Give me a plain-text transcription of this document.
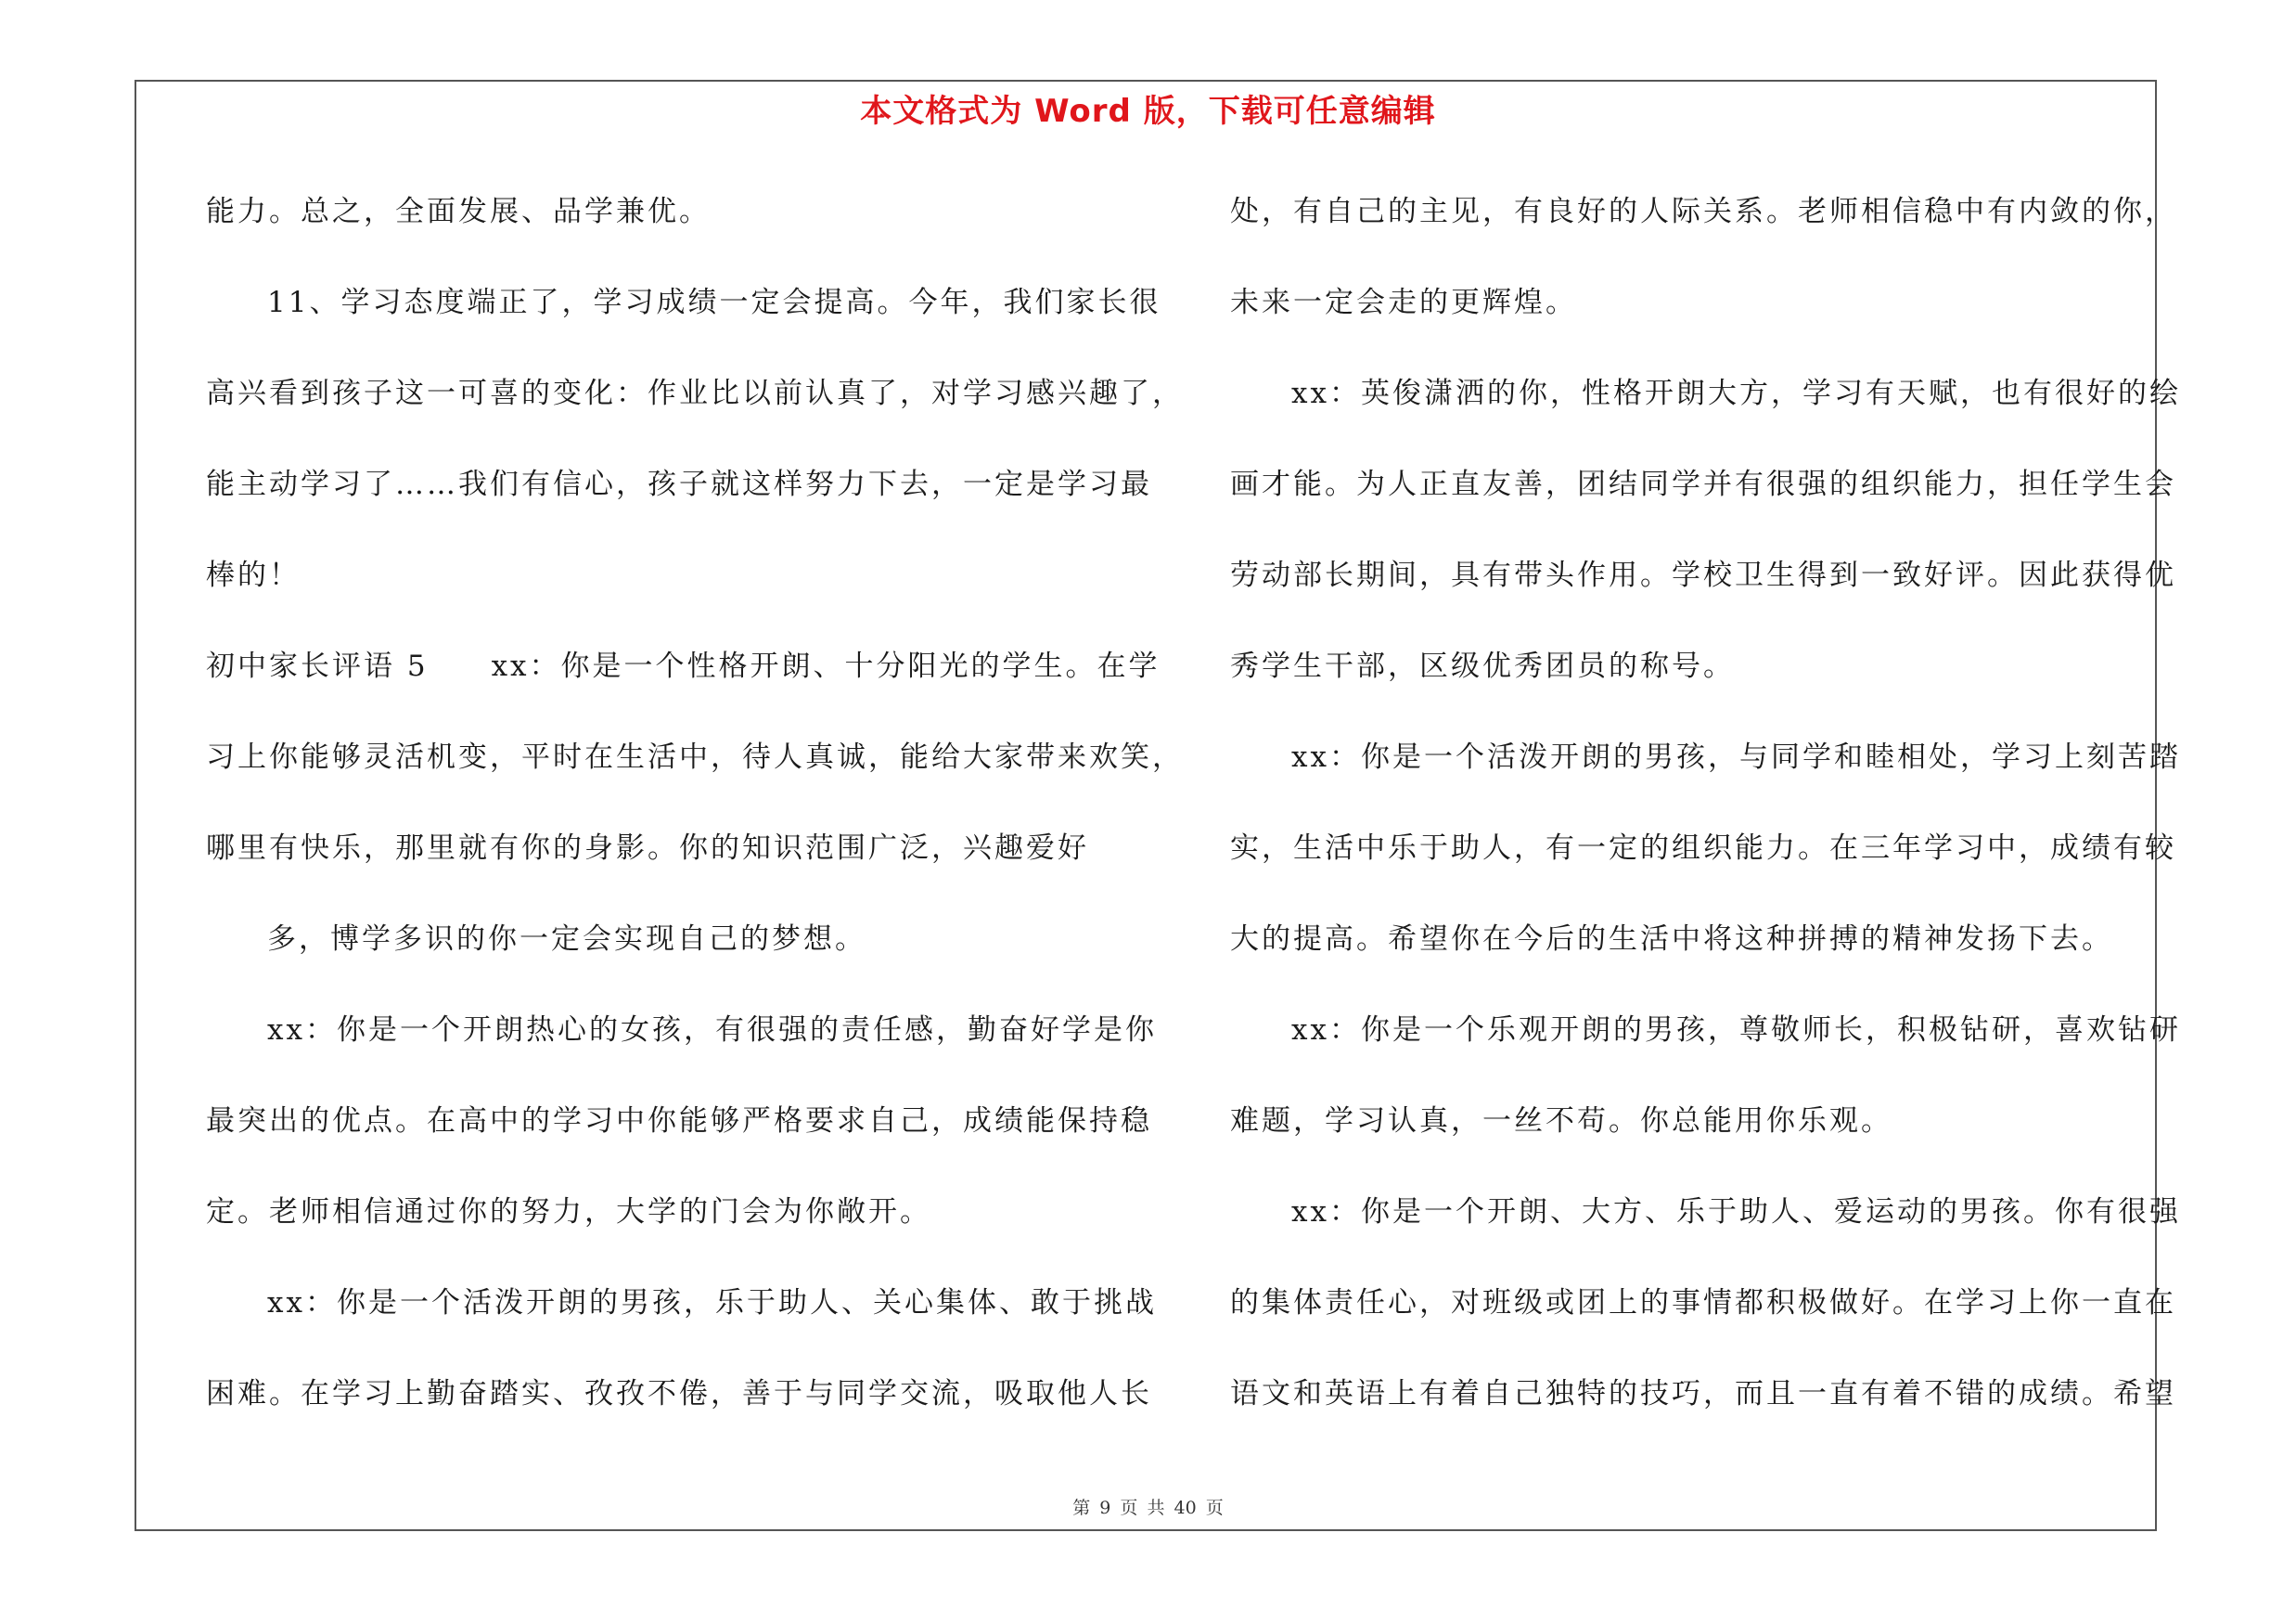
本文格式为 Word 版，下载可任意编辑
能力。总之，全面发展、品学兼优。
11、学习态度端正了，学习成绩一定会提高。今年，我们家长很
高兴看到孩子这一可喜的变化：作业比以前认真了，对学习感兴趣了，
能主动学习了……我们有信心，孩子就这样努力下去，一定是学习最
棒的！
初中家长评语 5　　xx：你是一个性格开朗、十分阳光的学生。在学
习上你能够灵活机变，平时在生活中，待人真诚，能给大家带来欢笑，
哪里有快乐，那里就有你的身影。你的知识范围广泛，兴趣爱好
多，博学多识的你一定会实现自己的梦想。
xx：你是一个开朗热心的女孩，有很强的责任感，勤奋好学是你
最突出的优点。在高中的学习中你能够严格要求自己，成绩能保持稳
定。老师相信通过你的努力，大学的门会为你敞开。
xx：你是一个活泼开朗的男孩，乐于助人、关心集体、敢于挑战
困难。在学习上勤奋踏实、孜孜不倦，善于与同学交流，吸取他人长
处，有自己的主见，有良好的人际关系。老师相信稳中有内敛的你，
未来一定会走的更辉煌。
xx：英俊潇洒的你，性格开朗大方，学习有天赋，也有很好的绘
画才能。为人正直友善，团结同学并有很强的组织能力，担任学生会
劳动部长期间，具有带头作用。学校卫生得到一致好评。因此获得优
秀学生干部，区级优秀团员的称号。
xx：你是一个活泼开朗的男孩，与同学和睦相处，学习上刻苦踏
实，生活中乐于助人，有一定的组织能力。在三年学习中，成绩有较
大的提高。希望你在今后的生活中将这种拼搏的精神发扬下去。
xx：你是一个乐观开朗的男孩，尊敬师长，积极钻研，喜欢钻研
难题，学习认真，一丝不苟。你总能用你乐观。
xx：你是一个开朗、大方、乐于助人、爱运动的男孩。你有很强
的集体责任心，对班级或团上的事情都积极做好。在学习上你一直在
语文和英语上有着自己独特的技巧，而且一直有着不错的成绩。希望
第 9 页 共 40 页
